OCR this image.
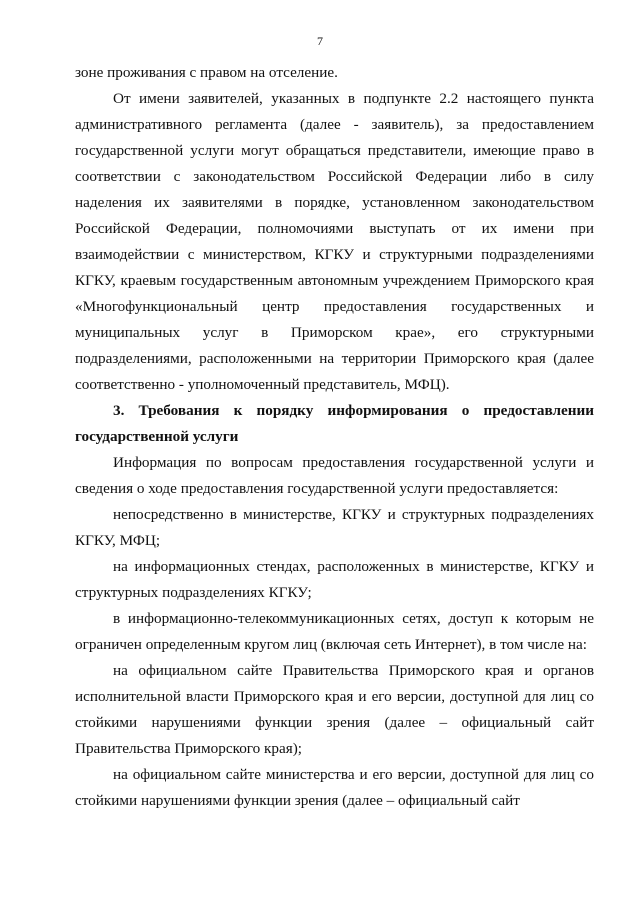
7

зоне проживания с правом на отселение.

От имени заявителей, указанных в подпункте 2.2 настоящего пункта административного регламента (далее - заявитель), за предоставлением государственной услуги могут обращаться представители, имеющие право в соответствии с законодательством Российской Федерации либо в силу наделения их заявителями в порядке, установленном законодательством Российской Федерации, полномочиями выступать от их имени при взаимодействии с министерством, КГКУ и структурными подразделениями КГКУ, краевым государственным автономным учреждением Приморского края «Многофункциональный центр предоставления государственных и муниципальных услуг в Приморском крае», его структурными подразделениями, расположенными на территории Приморского края (далее соответственно - уполномоченный представитель, МФЦ).

3. Требования к порядку информирования о предоставлении государственной услуги

Информация по вопросам предоставления государственной услуги и сведения о ходе предоставления государственной услуги предоставляется:

непосредственно в министерстве, КГКУ и структурных подразделениях КГКУ, МФЦ;

на информационных стендах, расположенных в министерстве, КГКУ и структурных подразделениях КГКУ;

в информационно-телекоммуникационных сетях, доступ к которым не ограничен определенным кругом лиц (включая сеть Интернет), в том числе на:

на официальном сайте Правительства Приморского края и органов исполнительной власти Приморского края и его версии, доступной для лиц со стойкими нарушениями функции зрения (далее – официальный сайт Правительства Приморского края);

на официальном сайте министерства и его версии, доступной для лиц со стойкими нарушениями функции зрения (далее – официальный сайт
